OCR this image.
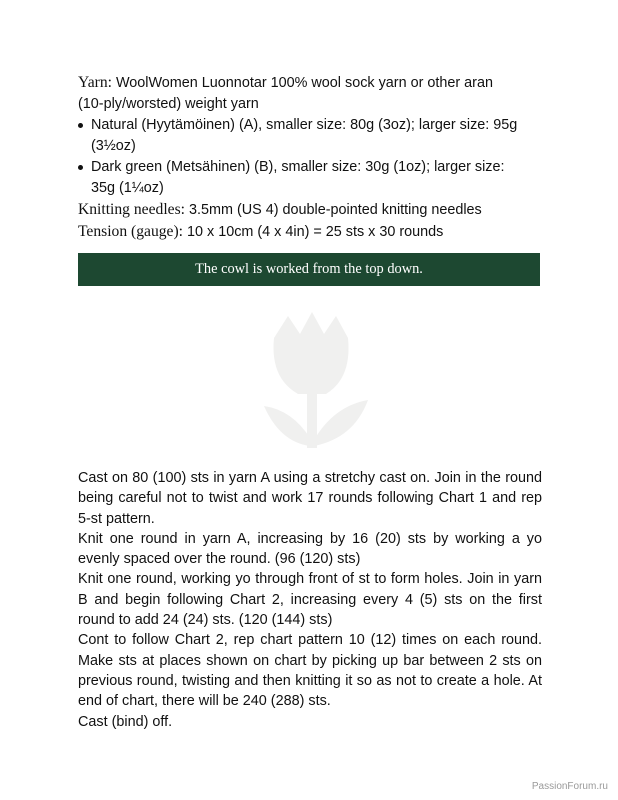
Yarn: WoolWomen Luonnotar 100% wool sock yarn or other aran

(10-ply/worsted) weight yarn

Natural (Hyytämöinen) (A), smaller size: 80g (3oz); larger size: 95g
(3½oz)
Dark green (Metsähinen) (B), smaller size: 30g (1oz); larger size:
35g (1¼oz)

Knitting needles: 3.5mm (US 4) double-pointed knitting needles

Tension (gauge): 10 x 10cm (4 x 4in) = 25 sts x 30 rounds

The cowl is worked from the top down.

Cast on 80 (100) sts in yarn A using a stretchy cast on. Join in the round being careful not to twist and work 17 rounds following Chart 1 and rep 5-st pattern.

Knit one round in yarn A, increasing by 16 (20) sts by working a yo evenly spaced over the round. (96 (120) sts)

Knit one round, working yo through front of st to form holes. Join in yarn B and begin following Chart 2, increasing every 4 (5) sts on the first round to add 24 (24) sts. (120 (144) sts)

Cont to follow Chart 2, rep chart pattern 10 (12) times on each round. Make sts at places shown on chart by picking up bar between 2 sts on previous round, twisting and then knitting it so as not to create a hole. At end of chart, there will be 240 (288) sts.

Cast (bind) off.

PassionForum.ru
